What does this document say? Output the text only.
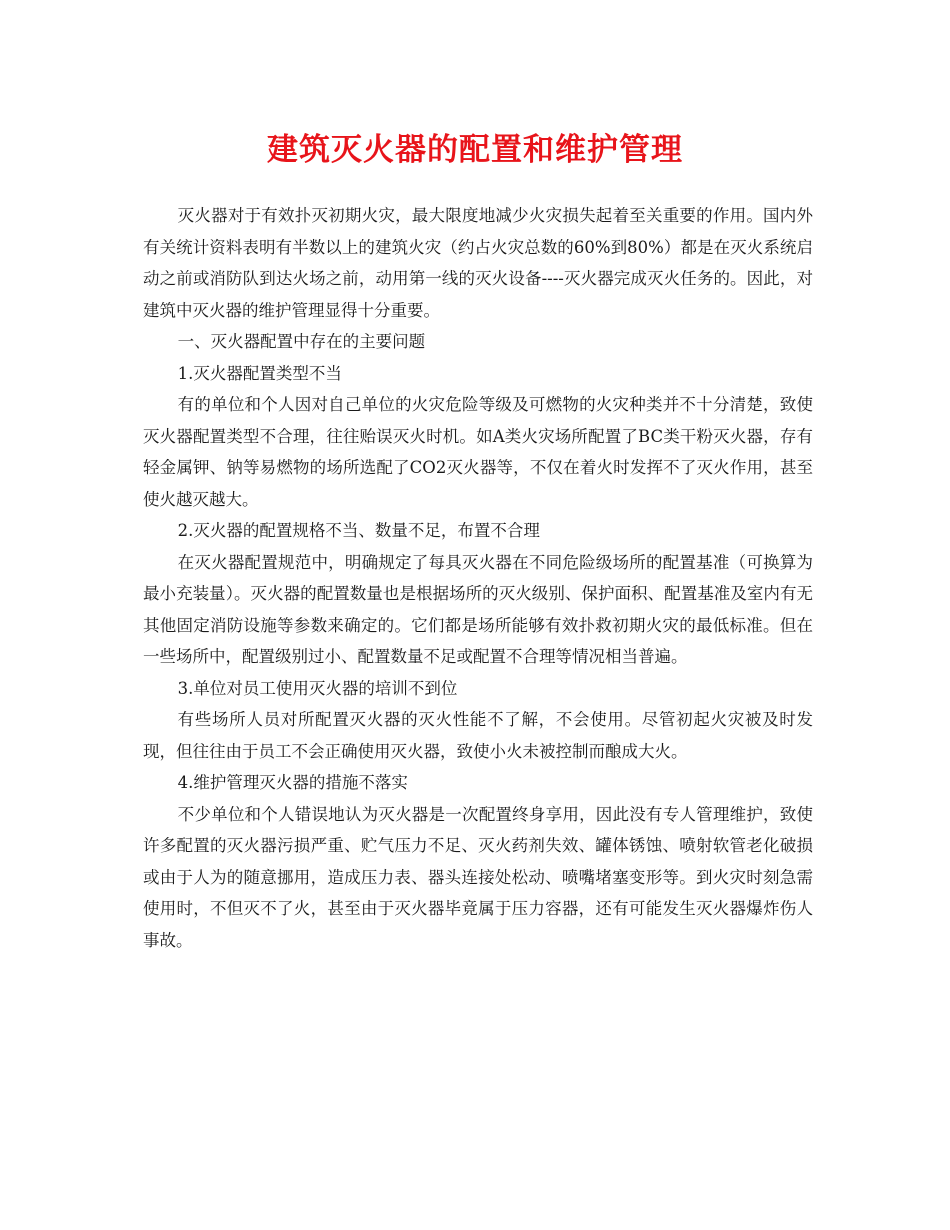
建筑灭火器的配置和维护管理

灭火器对于有效扑灭初期火灾，最大限度地减少火灾损失起着至关重要的作用。国内外有关统计资料表明有半数以上的建筑火灾（约占火灾总数的60%到80%）都是在灭火系统启动之前或消防队到达火场之前，动用第一线的灭火设备----灭火器完成灭火任务的。因此，对建筑中灭火器的维护管理显得十分重要。

一、灭火器配置中存在的主要问题

1.灭火器配置类型不当

有的单位和个人因对自己单位的火灾危险等级及可燃物的火灾种类并不十分清楚，致使灭火器配置类型不合理，往往贻误灭火时机。如A类火灾场所配置了BC类干粉灭火器，存有轻金属钾、钠等易燃物的场所选配了CO2灭火器等，不仅在着火时发挥不了灭火作用，甚至使火越灭越大。

2.灭火器的配置规格不当、数量不足，布置不合理

在灭火器配置规范中，明确规定了每具灭火器在不同危险级场所的配置基准（可换算为最小充装量）。灭火器的配置数量也是根据场所的灭火级别、保护面积、配置基准及室内有无其他固定消防设施等参数来确定的。它们都是场所能够有效扑救初期火灾的最低标准。但在一些场所中，配置级别过小、配置数量不足或配置不合理等情况相当普遍。

3.单位对员工使用灭火器的培训不到位

有些场所人员对所配置灭火器的灭火性能不了解，不会使用。尽管初起火灾被及时发现，但往往由于员工不会正确使用灭火器，致使小火未被控制而酿成大火。

4.维护管理灭火器的措施不落实

不少单位和个人错误地认为灭火器是一次配置终身享用，因此没有专人管理维护，致使许多配置的灭火器污损严重、贮气压力不足、灭火药剂失效、罐体锈蚀、喷射软管老化破损或由于人为的随意挪用，造成压力表、器头连接处松动、喷嘴堵塞变形等。到火灾时刻急需使用时，不但灭不了火，甚至由于灭火器毕竟属于压力容器，还有可能发生灭火器爆炸伤人事故。
